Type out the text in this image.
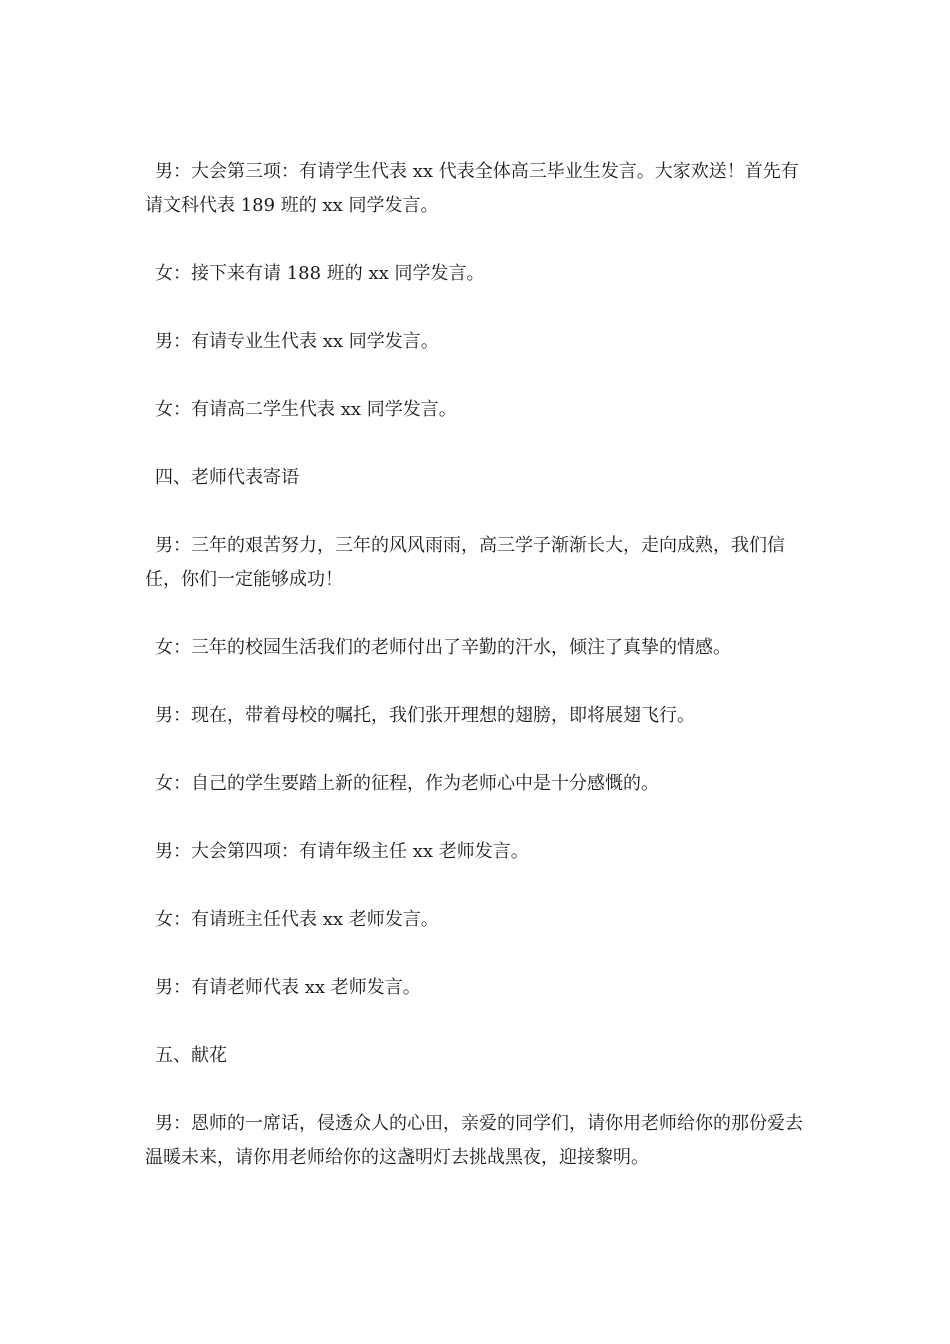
男：大会第三项：有请学生代表 xx 代表全体高三毕业生发言。大家欢送！首先有请文科代表 189 班的 xx 同学发言。

女：接下来有请 188 班的 xx 同学发言。

男：有请专业生代表 xx 同学发言。

女：有请高二学生代表 xx 同学发言。

四、老师代表寄语

男：三年的艰苦努力，三年的风风雨雨，高三学子渐渐长大，走向成熟，我们信任，你们一定能够成功！

女：三年的校园生活我们的老师付出了辛勤的汗水，倾注了真挚的情感。

男：现在，带着母校的嘱托，我们张开理想的翅膀，即将展翅飞行。

女：自己的学生要踏上新的征程，作为老师心中是十分感慨的。

男：大会第四项：有请年级主任 xx 老师发言。

女：有请班主任代表 xx 老师发言。

男：有请老师代表 xx 老师发言。

五、献花

男：恩师的一席话，侵透众人的心田，亲爱的同学们，请你用老师给你的那份爱去温暖未来，请你用老师给你的这盏明灯去挑战黑夜，迎接黎明。
